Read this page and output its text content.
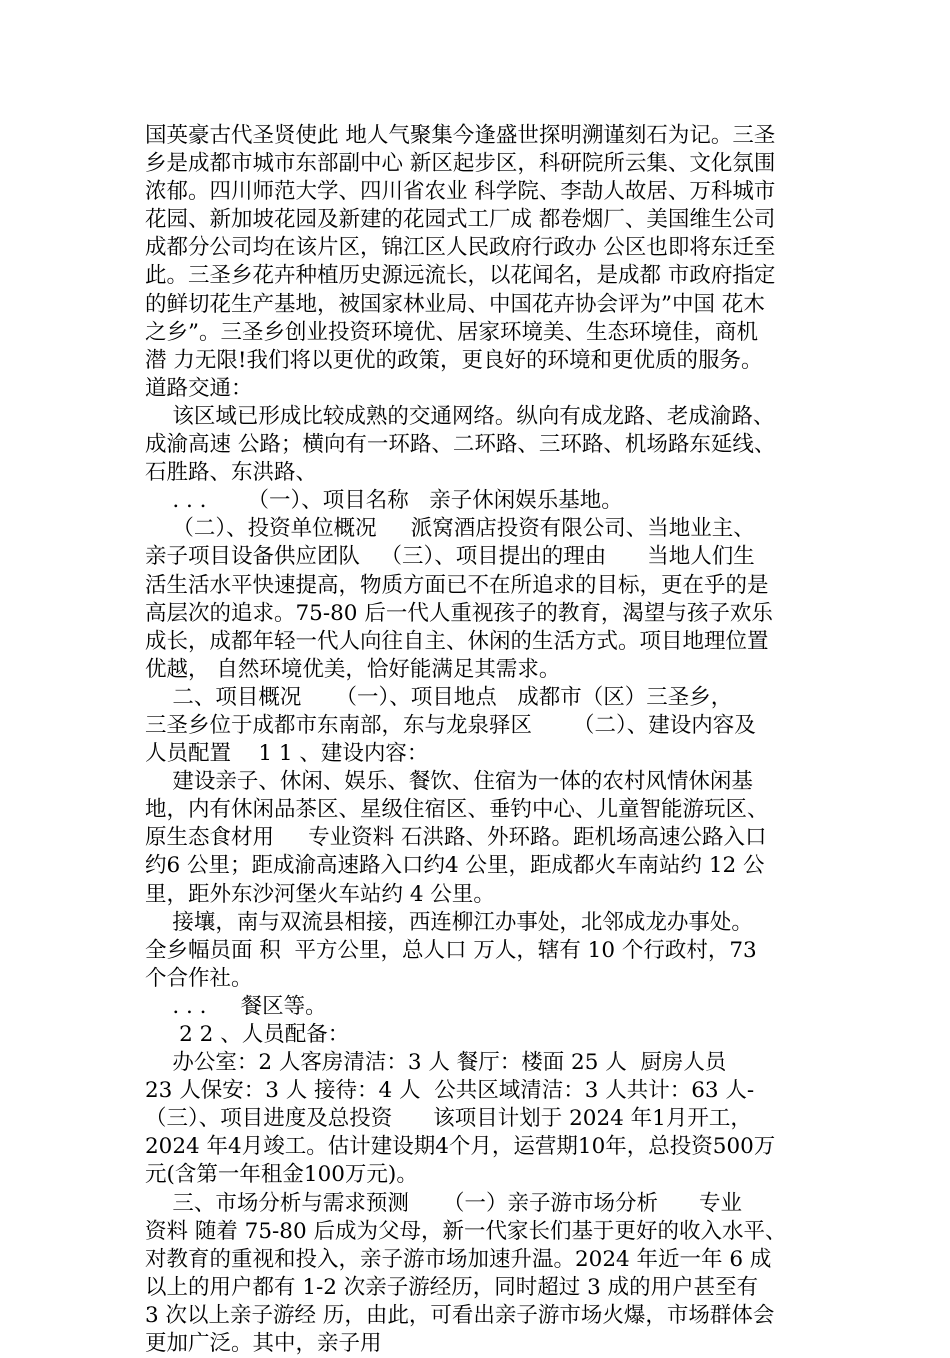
国英豪古代圣贤使此 地人气聚集今逢盛世探明溯谨刻石为记。三圣
乡是成都市城市东部副中心 新区起步区，科研院所云集、文化氛围
浓郁。四川师范大学、四川省农业 科学院、李劼人故居、万科城市
花园、新加坡花园及新建的花园式工厂成 都卷烟厂、美国维生公司
成都分公司均在该片区，锦江区人民政府行政办 公区也即将东迁至
此。三圣乡花卉种植历史源远流长，以花闻名，是成都 市政府指定
的鲜切花生产基地，被国家林业局、中国花卉协会评为”中国 花木
之乡”。三圣乡创业投资环境优、居家环境美、生态环境佳，商机
潜 力无限!我们将以更优的政策，更良好的环境和更优质的服务。
道路交通：
该区域已形成比较成熟的交通网络。纵向有成龙路、老成渝路、
成渝高速 公路；横向有一环路、二环路、三环路、机场路东延线、
石胜路、东洪路、
. . .      （一）、项目名称   亲子休闲娱乐基地。
（二）、投资单位概况     派窝酒店投资有限公司、当地业主、
亲子项目设备供应团队   （三）、项目提出的理由      当地人们生
活生活水平快速提高，物质方面已不在所追求的目标，更在乎的是
高层次的追求。75-80 后一代人重视孩子的教育，渴望与孩子欢乐
成长，成都年轻一代人向往自主、休闲的生活方式。项目地理位置
优越， 自然环境优美，恰好能满足其需求。
二、项目概况     （一）、项目地点   成都市（区）三圣乡，
三圣乡位于成都市东南部，东与龙泉驿区      （二）、建设内容及
人员配置    1 1 、建设内容：
建设亲子、休闲、娱乐、餐饮、住宿为一体的农村风情休闲基
地，内有休闲品茶区、星级住宿区、垂钓中心、儿童智能游玩区、
原生态食材用     专业资料 石洪路、外环路。距机场高速公路入口
约6 公里；距成渝高速路入口约4 公里，距成都火车南站约 12 公
里，距外东沙河堡火车站约 4 公里。
接壤，南与双流县相接，西连柳江办事处，北邻成龙办事处。
全乡幅员面 积  平方公里，总人口 万人，辖有 10 个行政村，73
个合作社。
. . .     餐区等。
2 2 、人员配备：
办公室：2 人客房清洁：3 人 餐厅：楼面 25 人  厨房人员
23 人保安：3 人 接待：4 人  公共区域清洁：3 人共计：63 人-
（三）、项目进度及总投资      该项目计划于 2024 年1月开工，
2024 年4月竣工。估计建设期4个月，运营期10年，总投资500万
元(含第一年租金100万元)。
三、市场分析与需求预测     （一）亲子游市场分析      专业
资料 随着 75-80 后成为父母，新一代家长们基于更好的收入水平、
对教育的重视和投入，亲子游市场加速升温。2024 年近一年 6 成
以上的用户都有 1-2 次亲子游经历，同时超过 3 成的用户甚至有
3 次以上亲子游经 历，由此，可看出亲子游市场火爆，市场群体会
更加广泛。其中，亲子用
